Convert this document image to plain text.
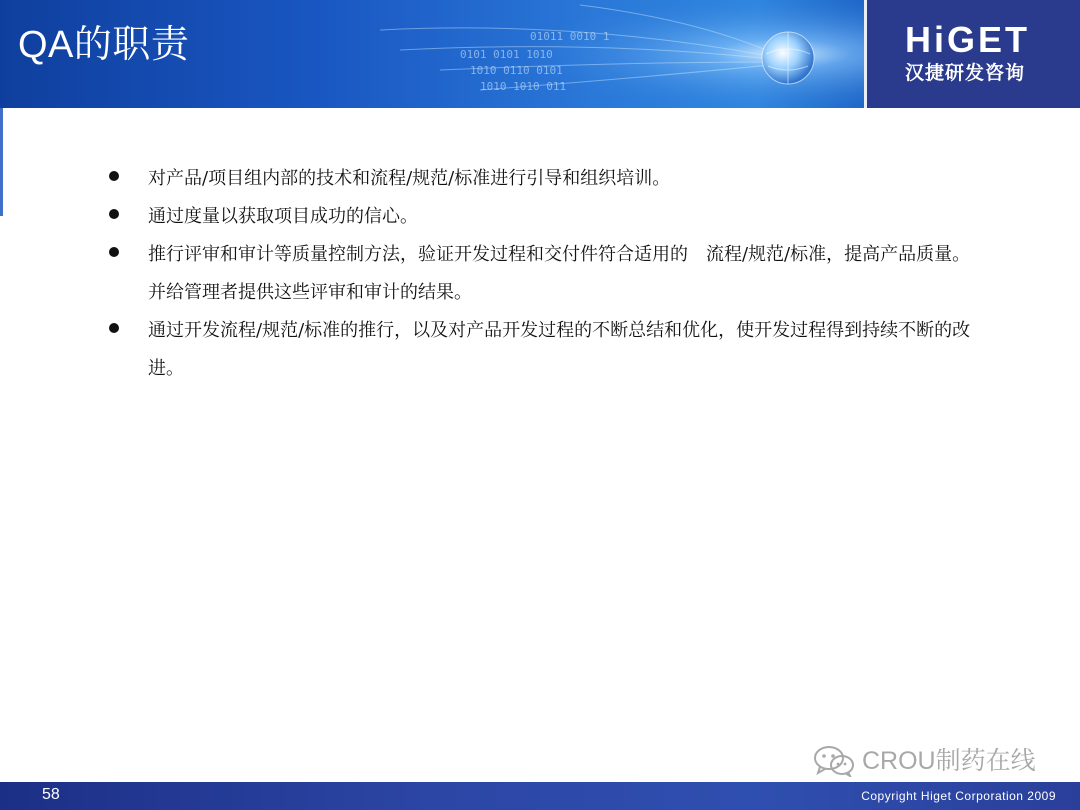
0101 0101 1010
1010 0110 0101
1010 1010 011
01011 0010 1
QA的职责	HiGET
汉捷研发咨询
对产品/项目组内部的技术和流程/规范/标准进行引导和组织培训。
通过度量以获取项目成功的信心。
推行评审和审计等质量控制方法，验证开发过程和交付件符合适用的　流程/规范/标准，提高产品质量。并给管理者提供这些评审和审计的结果。
通过开发流程/规范/标准的推行，以及对产品开发过程的不断总结和优化，使开发过程得到持续不断的改进。
CROU制药在线
58	Copyright Higet Corporation 2009
